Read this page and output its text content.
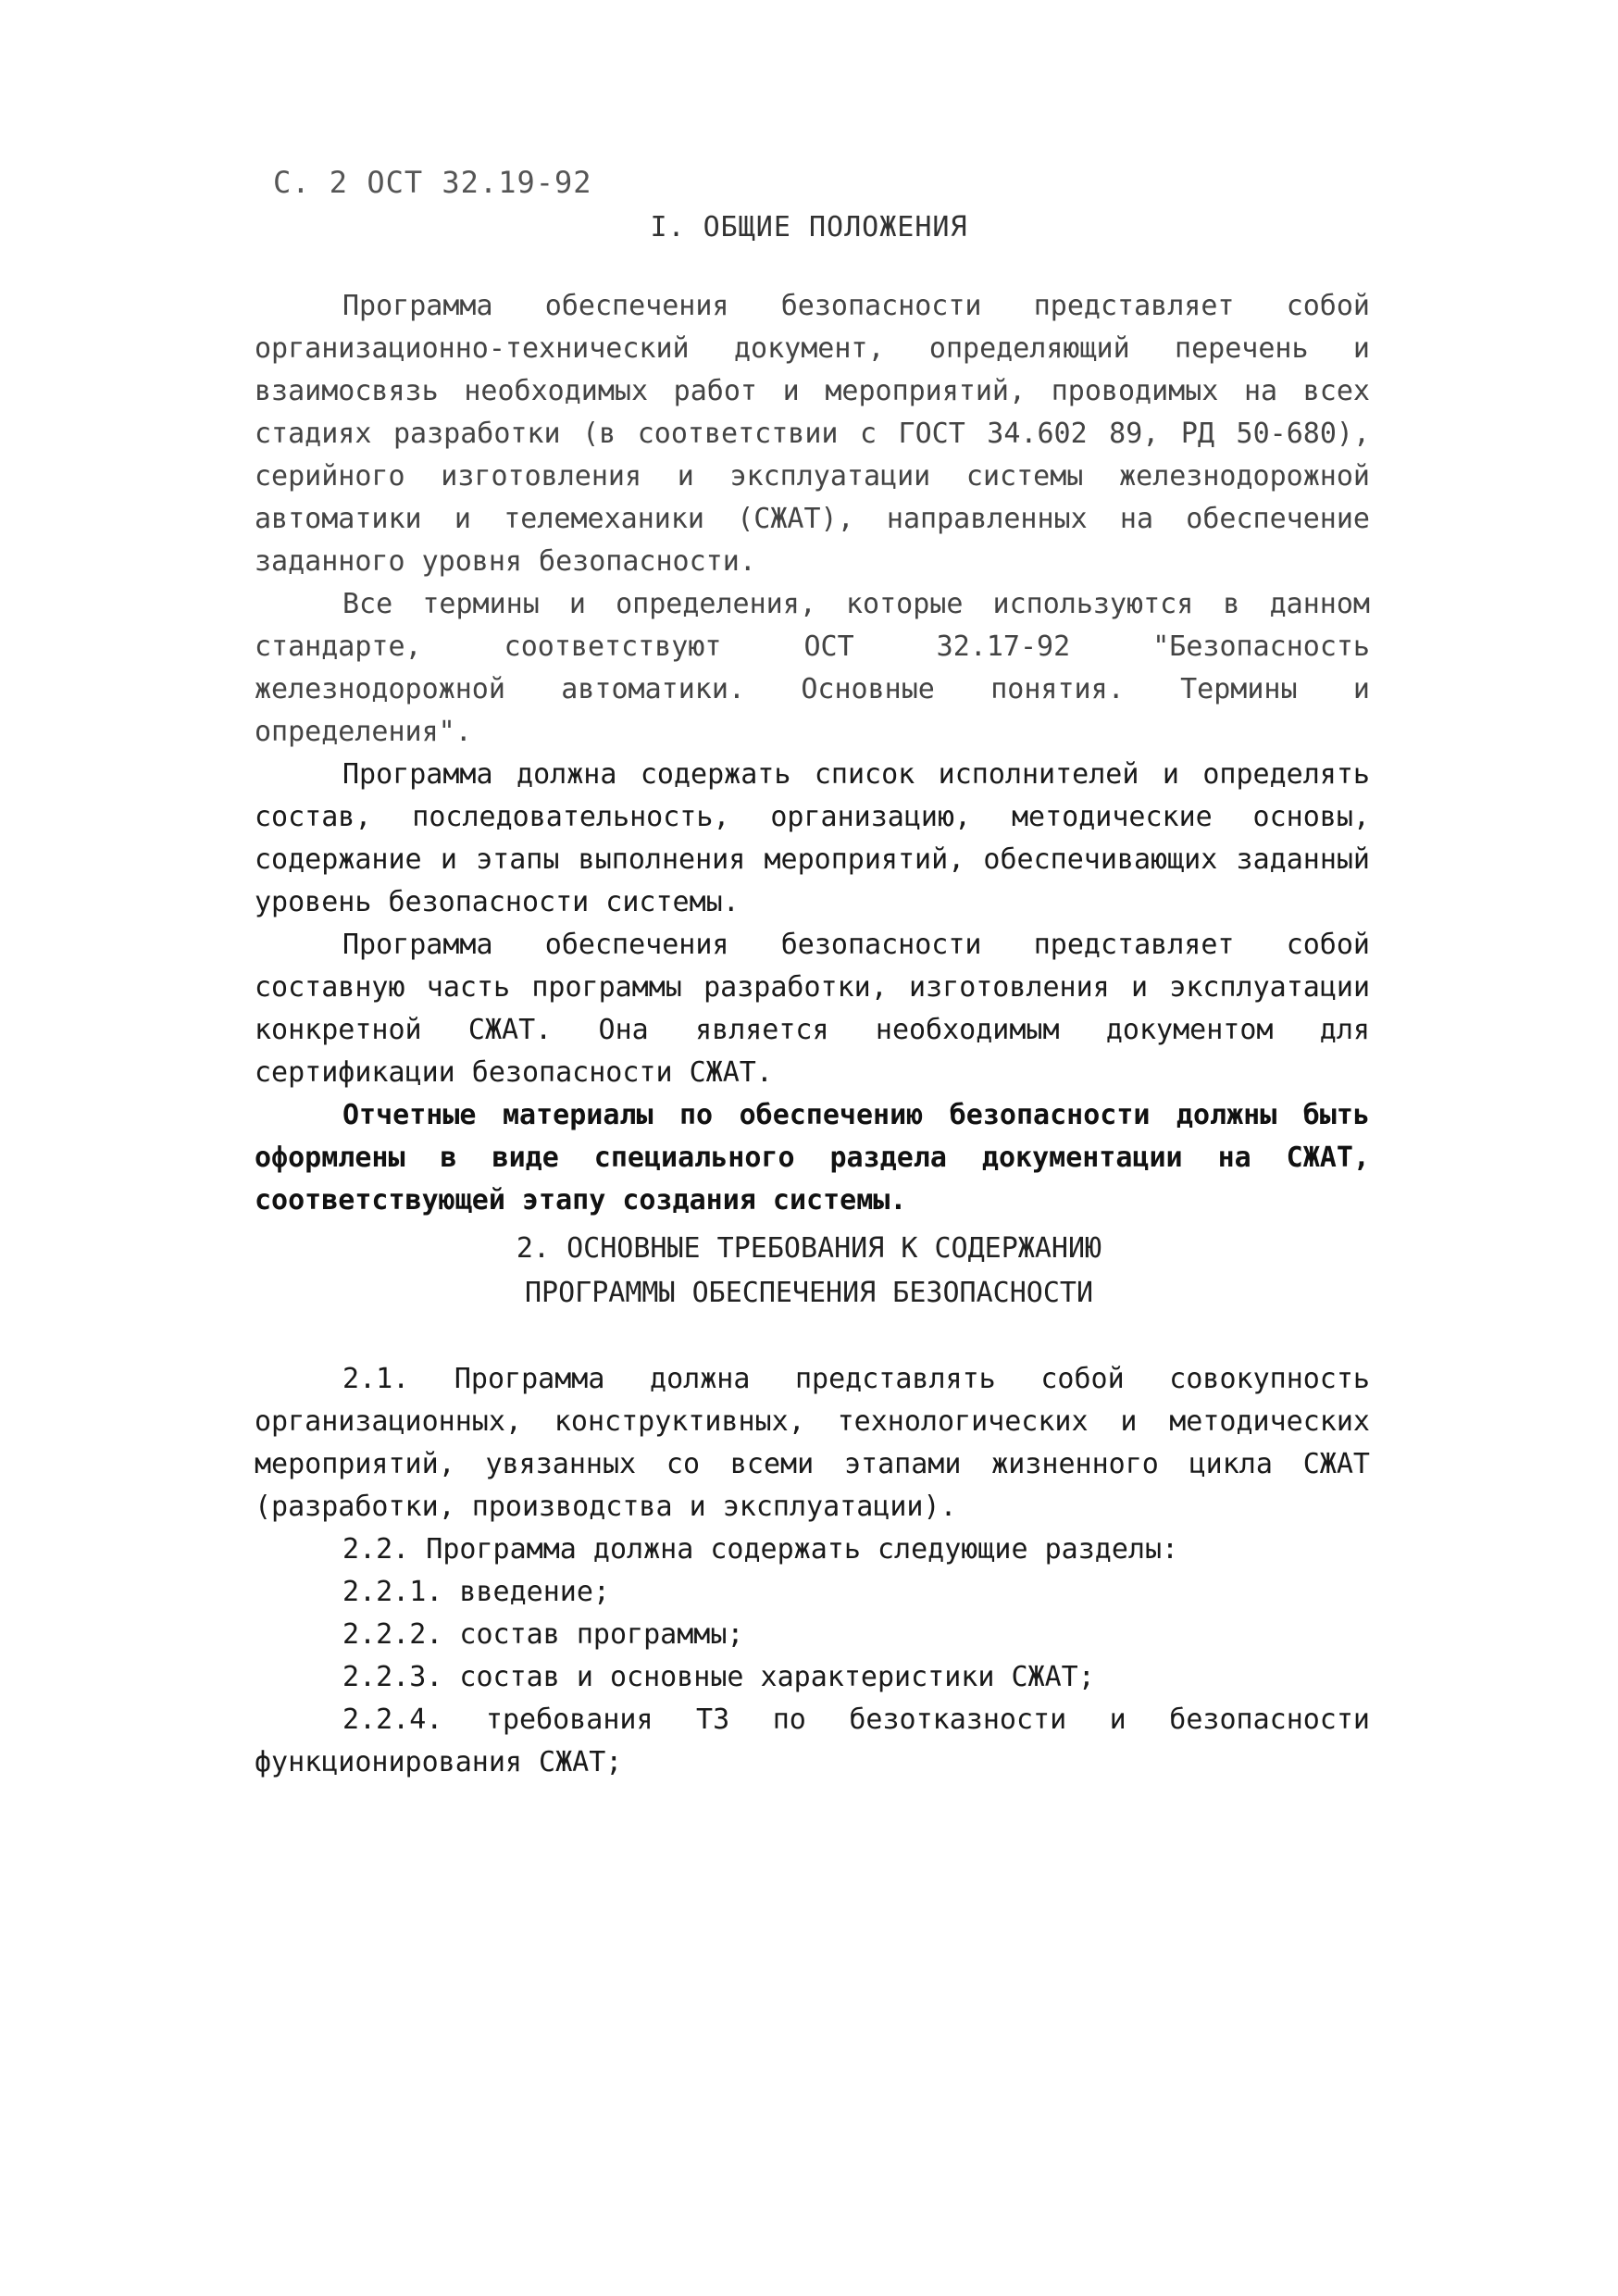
С. 2 ОСТ 32.19-92
I. ОБЩИЕ ПОЛОЖЕНИЯ

Программа обеспечения безопасности представляет собой организационно-технический документ, определяющий перечень и взаимосвязь необходимых работ и мероприятий, проводимых на всех стадиях разработки (в соответствии с ГОСТ 34.602 89, РД 50-680), серийного изготовления и эксплуатации системы железнодорожной автоматики и телемеханики (СЖАТ), направленных на обеспечение заданного уровня безопасности.

Все термины и определения, которые используются в данном стандарте, соответствуют ОСТ 32.17-92 "Безопасность железнодорожной автоматики. Основные понятия. Термины и определения".

Программа должна содержать список исполнителей и определять состав, последовательность, организацию, методические основы, содержание и этапы выполнения мероприятий, обеспечивающих заданный уровень безопасности системы.

Программа обеспечения безопасности представляет собой составную часть программы разработки, изготовления и эксплуатации конкретной СЖАТ. Она является необходимым документом для сертификации безопасности СЖАТ.

Отчетные материалы по обеспечению безопасности должны быть оформлены в виде специального раздела документации на СЖАТ, соответствующей этапу создания системы.

2. ОСНОВНЫЕ ТРЕБОВАНИЯ К СОДЕРЖАНИЮ
ПРОГРАММЫ ОБЕСПЕЧЕНИЯ БЕЗОПАСНОСТИ

2.1. Программа должна представлять собой совокупность организационных, конструктивных, технологических и методических мероприятий, увязанных со всеми этапами жизненного цикла СЖАТ (разработки, производства и эксплуатации).

2.2. Программа должна содержать следующие разделы:

2.2.1. введение;

2.2.2. состав программы;

2.2.3. состав и основные характеристики СЖАТ;

2.2.4. требования ТЗ по безотказности и безопасности функционирования СЖАТ;
